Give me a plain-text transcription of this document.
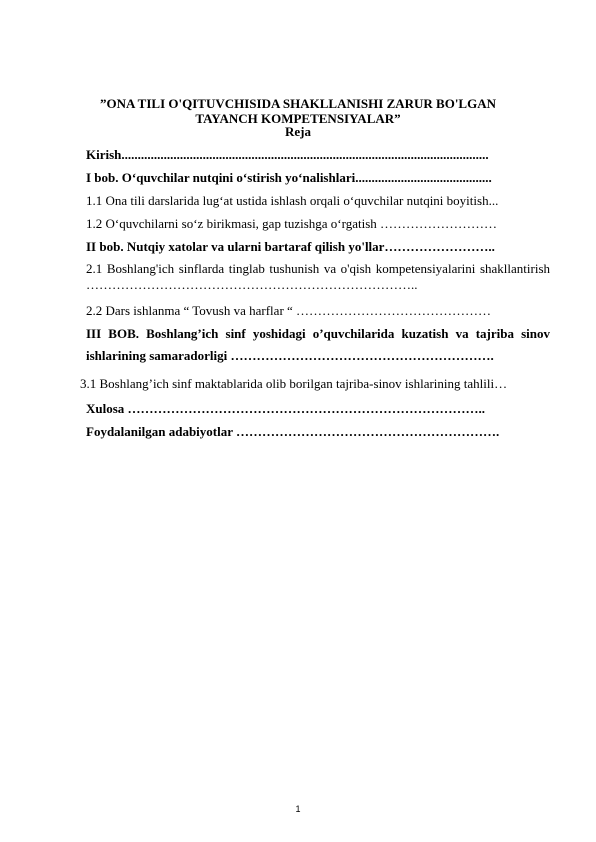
”ONA TILI O'QITUVCHISIDA SHAKLLANISHI ZARUR BO'LGAN TAYANCH KOMPETENSIYALAR”

Reja

Kirish.................................................................................................................
I bob. O‘quvchilar nutqini o‘stirish yo‘nalishlari..........................................
1.1 Ona tili darslarida lug‘at ustida ishlash orqali o‘quvchilar nutqini boyitish...
1.2 O‘quvchilarni so‘z birikmasi, gap tuzishga o‘rgatish ………………………
II bob. Nutqiy xatolar va ularni bartaraf qilish yo'llar……………………..
2.1 Boshlang'ich sinflarda tinglab tushunish va o'qish kompetensiyalarini shakllantirish …………………………………………………………………..
2.2 Dars ishlanma “ Tovush va harflar “ ………………………………………
III BOB. Boshlang’ich sinf yoshidagi o’quvchilarida kuzatish va tajriba sinov ishlarining samaradorligi …………………………………………………….
3.1 Boshlang’ich sinf maktablarida olib borilgan tajriba-sinov ishlarining tahlili…
Xulosa ………………………………………………………………………..
Foydalanilgan adabiyotlar …………………………………………………….

1
